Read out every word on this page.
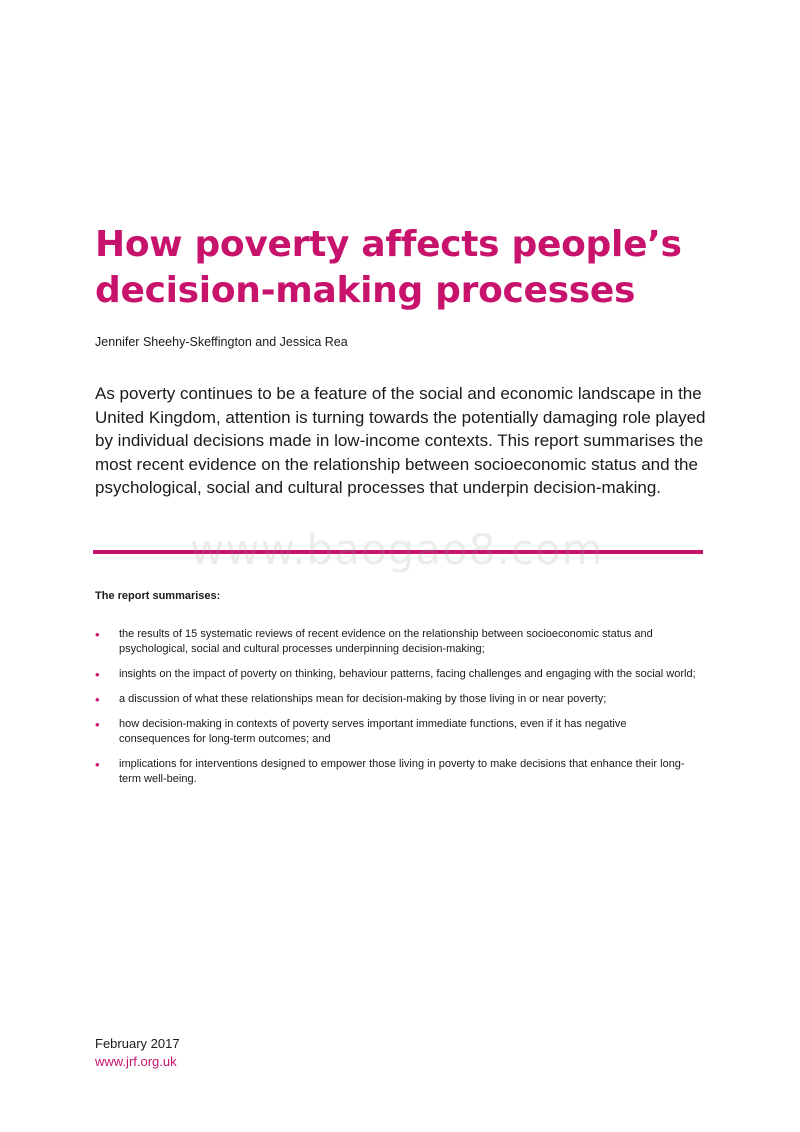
How poverty affects people’s decision-making processes
Jennifer Sheehy-Skeffington and Jessica Rea

As poverty continues to be a feature of the social and economic landscape in the United Kingdom, attention is turning towards the potentially damaging role played by individual decisions made in low-income contexts. This report summarises the most recent evidence on the relationship between socioeconomic status and the psychological, social and cultural processes that underpin decision-making.

www.baogao8.com
The report summarises:
• the results of 15 systematic reviews of recent evidence on the relationship between socioeconomic status and psychological, social and cultural processes underpinning decision-making;
• insights on the impact of poverty on thinking, behaviour patterns, facing challenges and engaging with the social world;
• a discussion of what these relationships mean for decision-making by those living in or near poverty;
• how decision-making in contexts of poverty serves important immediate functions, even if it has negative consequences for long-term outcomes; and
• implications for interventions designed to empower those living in poverty to make decisions that enhance their long-term well-being.
February 2017
www.jrf.org.uk
